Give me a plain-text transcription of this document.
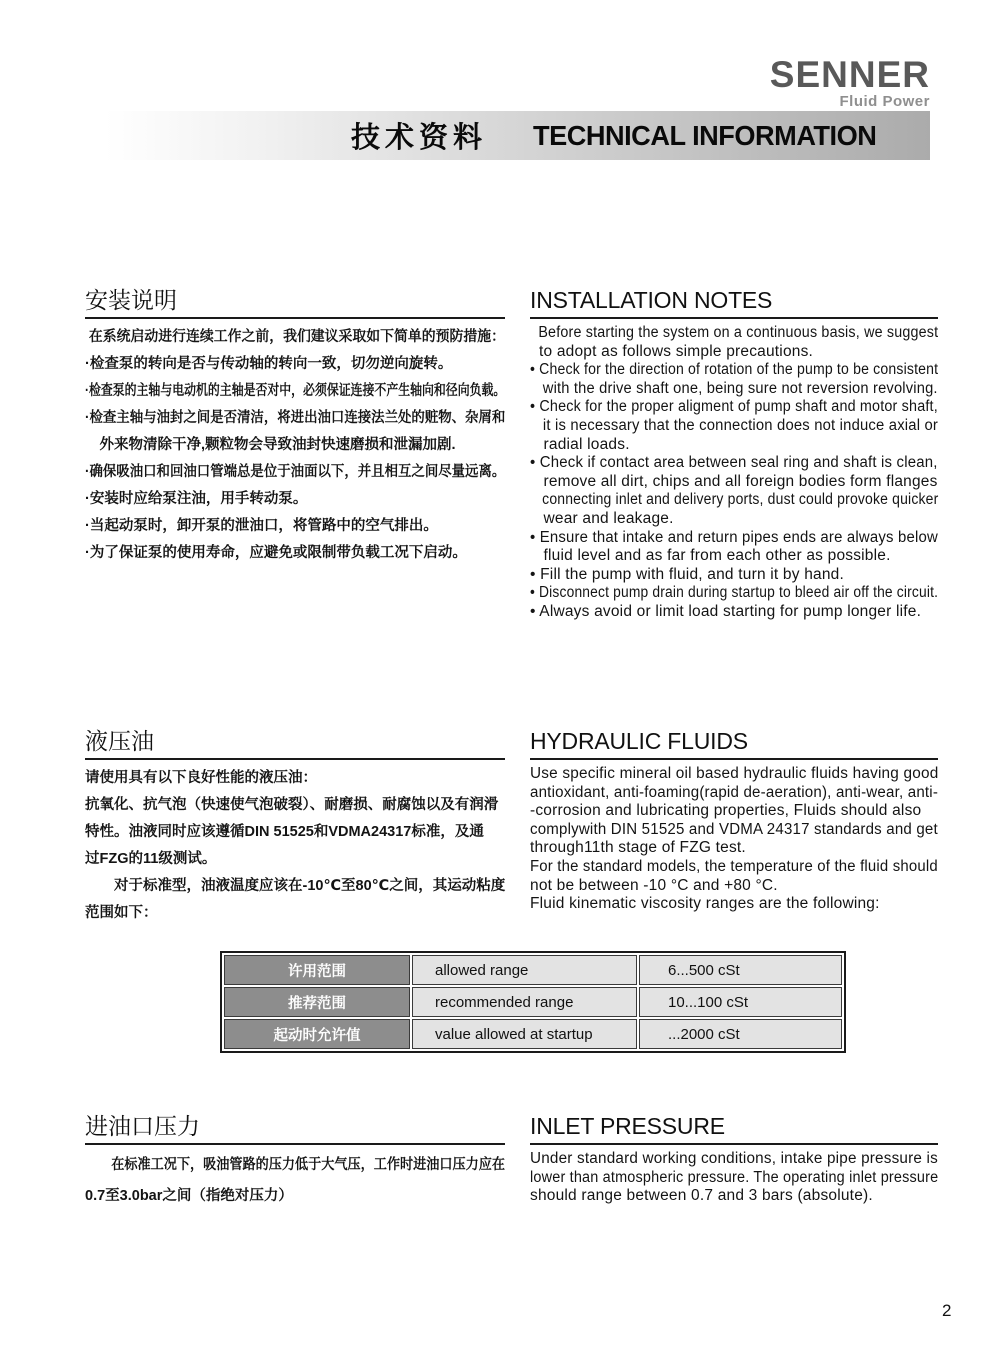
SENNER
Fluid Power
技术资料 TECHNICAL INFORMATION
安装说明
在系统启动进行连续工作之前，我们建议采取如下简单的预防措施：
·检查泵的转向是否与传动轴的转向一致，切勿逆向旋转。
·检查泵的主轴与电动机的主轴是否对中，必须保证连接不产生轴向和径向负载。
·检查主轴与油封之间是否清洁，将进出油口连接法兰处的赃物、杂屑和
　外来物清除干净,颗粒物会导致油封快速磨损和泄漏加剧.
·确保吸油口和回油口管端总是位于油面以下，并且相互之间尽量远离。
·安装时应给泵注油，用手转动泵。
·当起动泵时，卸开泵的泄油口，将管路中的空气排出。
·为了保证泵的使用寿命，应避免或限制带负载工况下启动。
INSTALLATION NOTES
Before starting the system on a continuous basis, we suggest
to adopt as follows simple precautions.
• Check for the direction of rotation of the pump to be consistent
with the drive shaft one, being sure not reversion revolving.
• Check for the proper aligment of pump shaft and motor shaft,
it is necessary that the connection does not induce axial or
radial loads.
• Check if contact area between seal ring and shaft is clean,
remove all dirt, chips and all foreign bodies form flanges
connecting inlet and delivery ports, dust could provoke quicker
wear and leakage.
• Ensure that intake and return pipes ends are always below
fluid level and as far from each other as possible.
• Fill the pump with fluid, and turn it by hand.
• Disconnect pump drain during startup to bleed air off the circuit.
• Always avoid or limit load starting for pump longer life.
液压油
请使用具有以下良好性能的液压油：
抗氧化、抗气泡（快速使气泡破裂）、耐磨损、耐腐蚀以及有润滑
特性。油液同时应该遵循DIN 51525和VDMA24317标准，及通
过FZG的11级测试。
　　对于标准型，油液温度应该在-10℃至80℃之间，其运动粘度
范围如下：
HYDRAULIC FLUIDS
Use specific mineral oil based hydraulic fluids having good
antioxidant, anti-foaming(rapid de-aeration), anti-wear, anti-
-corrosion and lubricating properties, Fluids should also
complywith DIN 51525 and VDMA 24317 standards and get
through11th stage of FZG test.
For the standard models, the temperature of the fluid should
not be between -10 °C and +80 °C.
Fluid kinematic viscosity ranges are the following:
许用范围	allowed range	6...500 cSt
推荐范围	recommended range	10...100 cSt
起动时允许值	value allowed at startup	...2000 cSt
进油口压力
　　在标准工况下，吸油管路的压力低于大气压，工作时进油口压力应在
0.7至3.0bar之间（指绝对压力）
INLET PRESSURE
Under standard working conditions, intake pipe pressure is
lower than atmospheric pressure. The operating inlet pressure
should range between 0.7 and 3 bars (absolute).
2
